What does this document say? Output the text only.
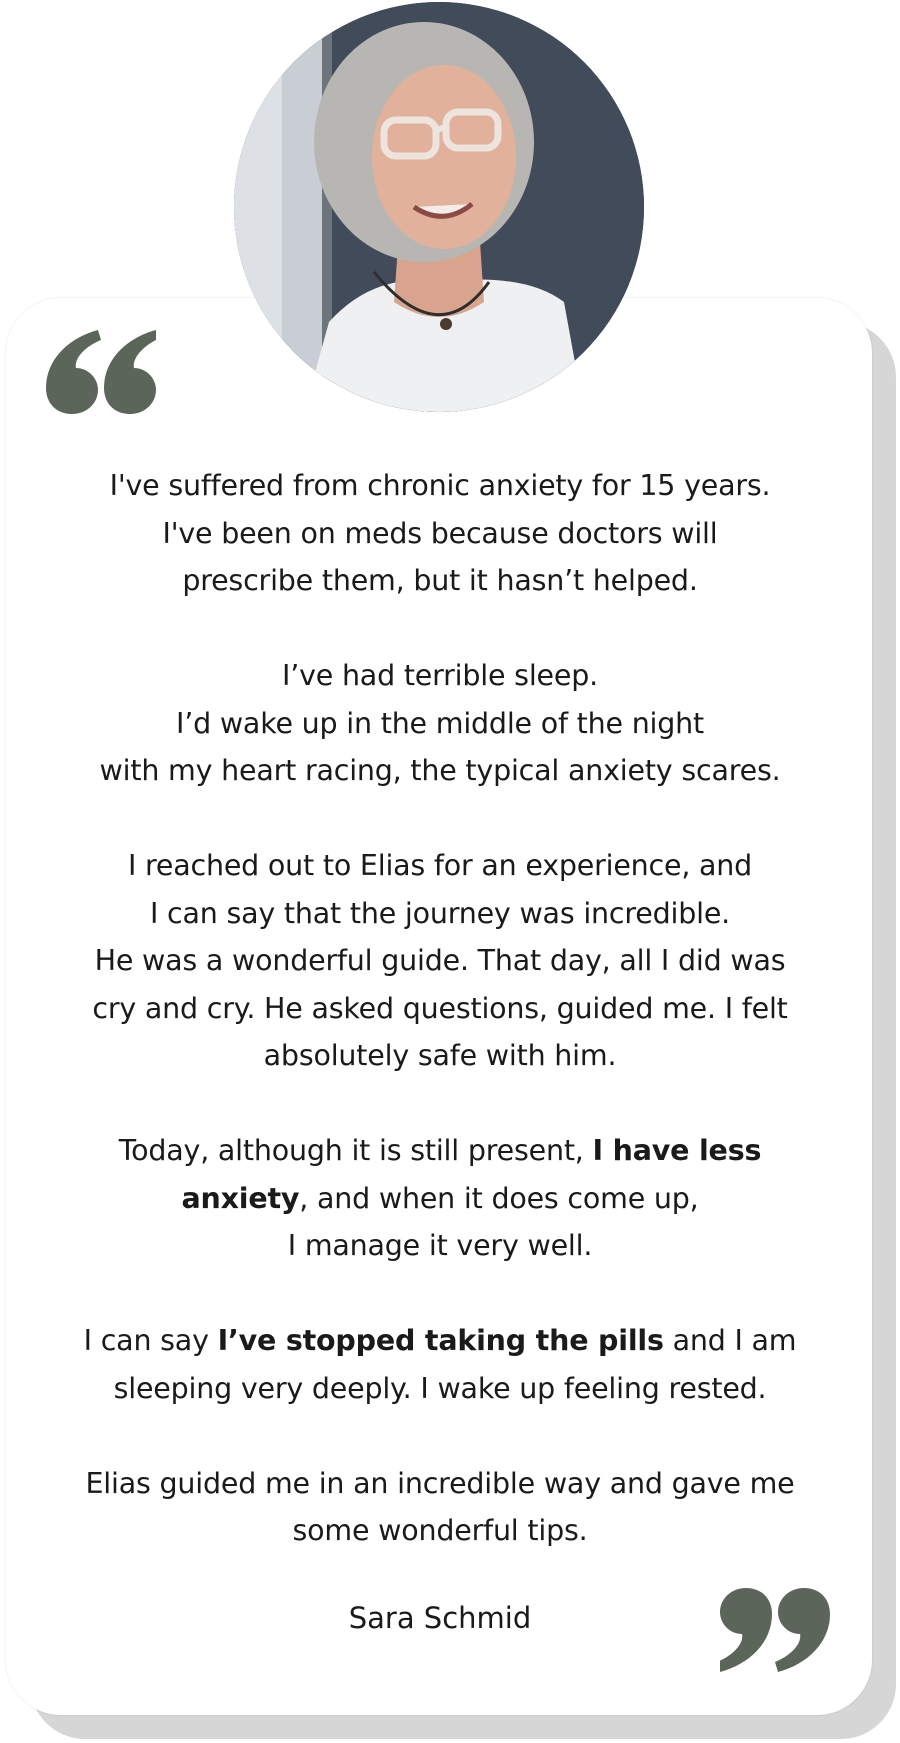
I've suffered from chronic anxiety for 15 years.
I've been on meds because doctors will
prescribe them, but it hasn’t helped.

I’ve had terrible sleep.
I’d wake up in the middle of the night
with my heart racing, the typical anxiety scares.

I reached out to Elias for an experience, and
I can say that the journey was incredible.
He was a wonderful guide. That day, all I did was
cry and cry. He asked questions, guided me. I felt
absolutely safe with him.

Today, although it is still present, I have less
anxiety, and when it does come up,
I manage it very well.

I can say I’ve stopped taking the pills and I am
sleeping very deeply. I wake up feeling rested.

Elias guided me in an incredible way and gave me
some wonderful tips.

Sara Schmid
